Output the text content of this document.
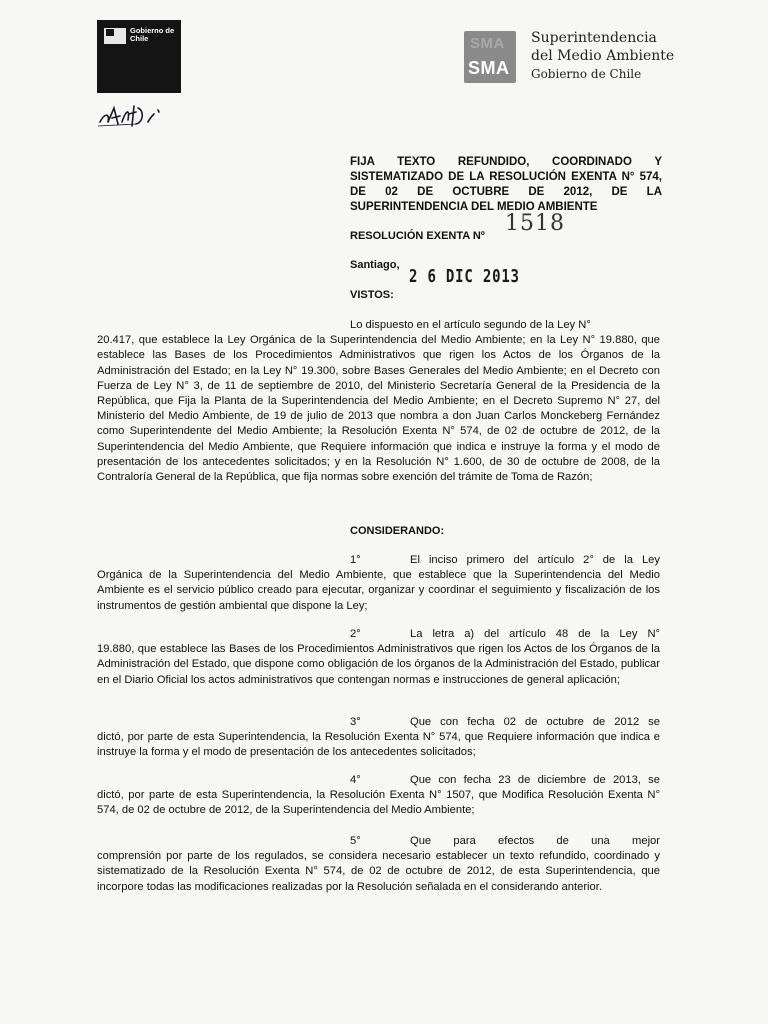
Gobierno de Chile	SMA
SMA
Superintendencia
del Medio Ambiente
Gobierno de Chile
FIJA TEXTO REFUNDIDO, COORDINADO Y
SISTEMATIZADO DE LA RESOLUCIÓN EXENTA N° 574,
DE 02 DE OCTUBRE DE 2012, DE LA
SUPERINTENDENCIA DEL MEDIO AMBIENTE
RESOLUCIÓN EXENTA Nº 1518
Santiago,
2 6 DIC 2013
VISTOS:
Lo dispuesto en el artículo segundo de la Ley N°
20.417, que establece la Ley Orgánica de la Superintendencia del Medio Ambiente; en la Ley N° 19.880, que establece las Bases de los Procedimientos Administrativos que rigen los Actos de los Órganos de la Administración del Estado; en la Ley N° 19.300, sobre Bases Generales del Medio Ambiente; en el Decreto con Fuerza de Ley N° 3, de 11 de septiembre de 2010, del Ministerio Secretaría General de la Presidencia de la República, que Fija la Planta de la Superintendencia del Medio Ambiente; en el Decreto Supremo N° 27, del Ministerio del Medio Ambiente, de 19 de julio de 2013 que nombra a don Juan Carlos Monckeberg Fernández como Superintendente del Medio Ambiente; la Resolución Exenta N° 574, de 02 de octubre de 2012, de la Superintendencia del Medio Ambiente, que Requiere información que indica e instruye la forma y el modo de presentación de los antecedentes solicitados; y en la Resolución N° 1.600, de 30 de octubre de 2008, de la Contraloría General de la República, que fija normas sobre exención del trámite de Toma de Razón;
CONSIDERANDO:
1°	El inciso primero del artículo 2° de la Ley
Orgánica de la Superintendencia del Medio Ambiente, que establece que la Superintendencia del Medio Ambiente es el servicio público creado para ejecutar, organizar y coordinar el seguimiento y fiscalización de los instrumentos de gestión ambiental que dispone la Ley;
2°	La letra a) del artículo 48 de la Ley N°
19.880, que establece las Bases de los Procedimientos Administrativos que rigen los Actos de los Órganos de la Administración del Estado, que dispone como obligación de los órganos de la Administración del Estado, publicar en el Diario Oficial los actos administrativos que contengan normas e instrucciones de general aplicación;
3°	Que con fecha 02 de octubre de 2012 se
dictó, por parte de esta Superintendencia, la Resolución Exenta N° 574, que Requiere información que indica e instruye la forma y el modo de presentación de los antecedentes solicitados;
4°	Que con fecha 23 de diciembre de 2013, se
dictó, por parte de esta Superintendencia, la Resolución Exenta N° 1507, que Modifica Resolución Exenta N° 574, de 02 de octubre de 2012, de la Superintendencia del Medio Ambiente;
5°	Que para efectos de una mejor
comprensión por parte de los regulados, se considera necesario establecer un texto refundido, coordinado y sistematizado de la Resolución Exenta N° 574, de 02 de octubre de 2012, de esta Superintendencia, que incorpore todas las modificaciones realizadas por la Resolución señalada en el considerando anterior.
